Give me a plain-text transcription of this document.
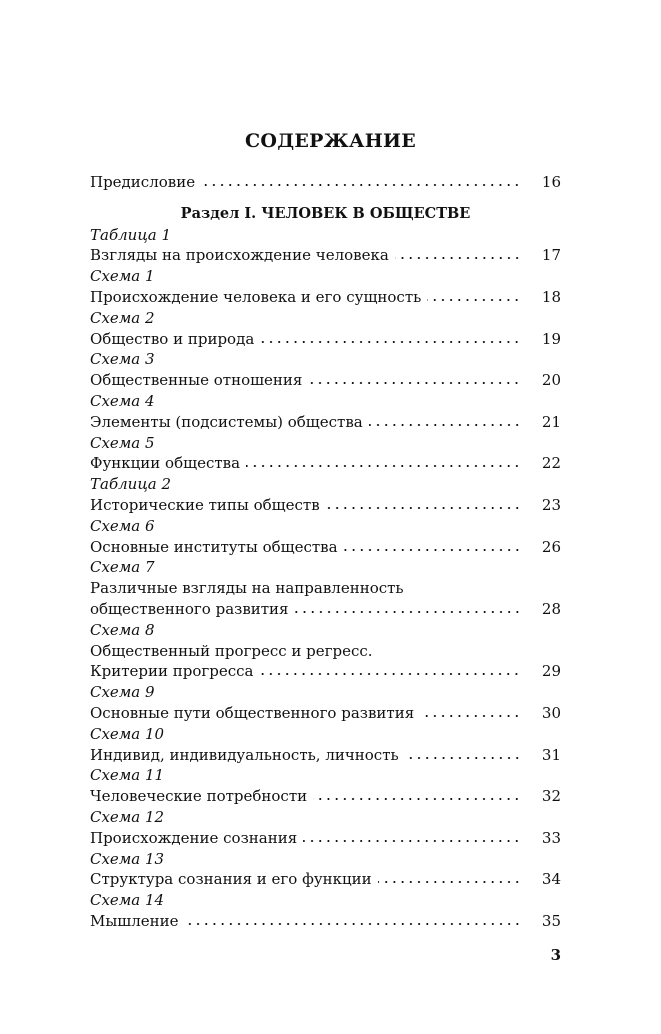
СОДЕРЖАНИЕ
Предисловие	16
Раздел I. ЧЕЛОВЕК В ОБЩЕСТВЕ
Таблица 1
Взгляды на происхождение человека	17
Схема 1
Происхождение человека и его сущность	18
Схема 2
Общество и природа	19
Схема 3
Общественные отношения	20
Схема 4
Элементы (подсистемы) общества	21
Схема 5
Функции общества	22
Таблица 2
Исторические типы обществ	23
Схема 6
Основные институты общества	26
Схема 7
Различные взгляды на направленность
общественного развития	28
Схема 8
Общественный прогресс и регресс.
Критерии прогресса	29
Схема 9
Основные пути общественного развития	30
Схема 10
Индивид, индивидуальность, личность	31
Схема 11
Человеческие потребности	32
Схема 12
Происхождение сознания	33
Схема 13
Структура сознания и его функции	34
Схема 14
Мышление	35
3
